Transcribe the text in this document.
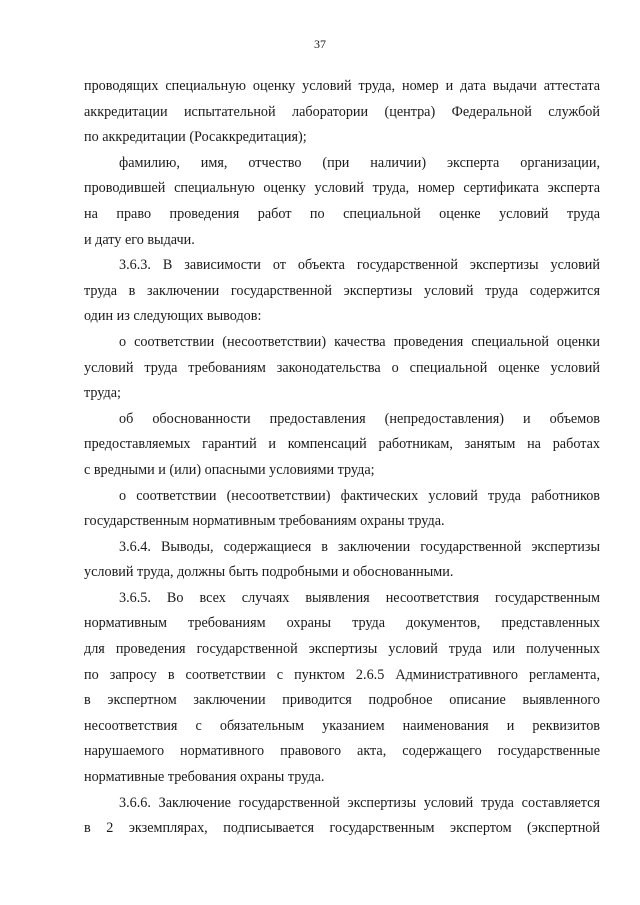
37
проводящих специальную оценку условий труда, номер и дата выдачи аттестата
аккредитации испытательной лаборатории (центра) Федеральной службой
по аккредитации (Росаккредитация);
фамилию, имя, отчество (при наличии) эксперта организации,
проводившей специальную оценку условий труда, номер сертификата эксперта
на право проведения работ по специальной оценке условий труда
и дату его выдачи.
3.6.3. В зависимости от объекта государственной экспертизы условий
труда в заключении государственной экспертизы условий труда содержится
один из следующих выводов:
о соответствии (несоответствии) качества проведения специальной оценки
условий труда требованиям законодательства о специальной оценке условий
труда;
об обоснованности предоставления (непредоставления) и объемов
предоставляемых гарантий и компенсаций работникам, занятым на работах
с вредными и (или) опасными условиями труда;
о соответствии (несоответствии) фактических условий труда работников
государственным нормативным требованиям охраны труда.
3.6.4. Выводы, содержащиеся в заключении государственной экспертизы
условий труда, должны быть подробными и обоснованными.
3.6.5. Во всех случаях выявления несоответствия государственным
нормативным требованиям охраны труда документов, представленных
для проведения государственной экспертизы условий труда или полученных
по запросу в соответствии с пунктом 2.6.5 Административного регламента,
в экспертном заключении приводится подробное описание выявленного
несоответствия с обязательным указанием наименования и реквизитов
нарушаемого нормативного правового акта, содержащего государственные
нормативные требования охраны труда.
3.6.6. Заключение государственной экспертизы условий труда составляется
в 2 экземплярах, подписывается государственным экспертом (экспертной
